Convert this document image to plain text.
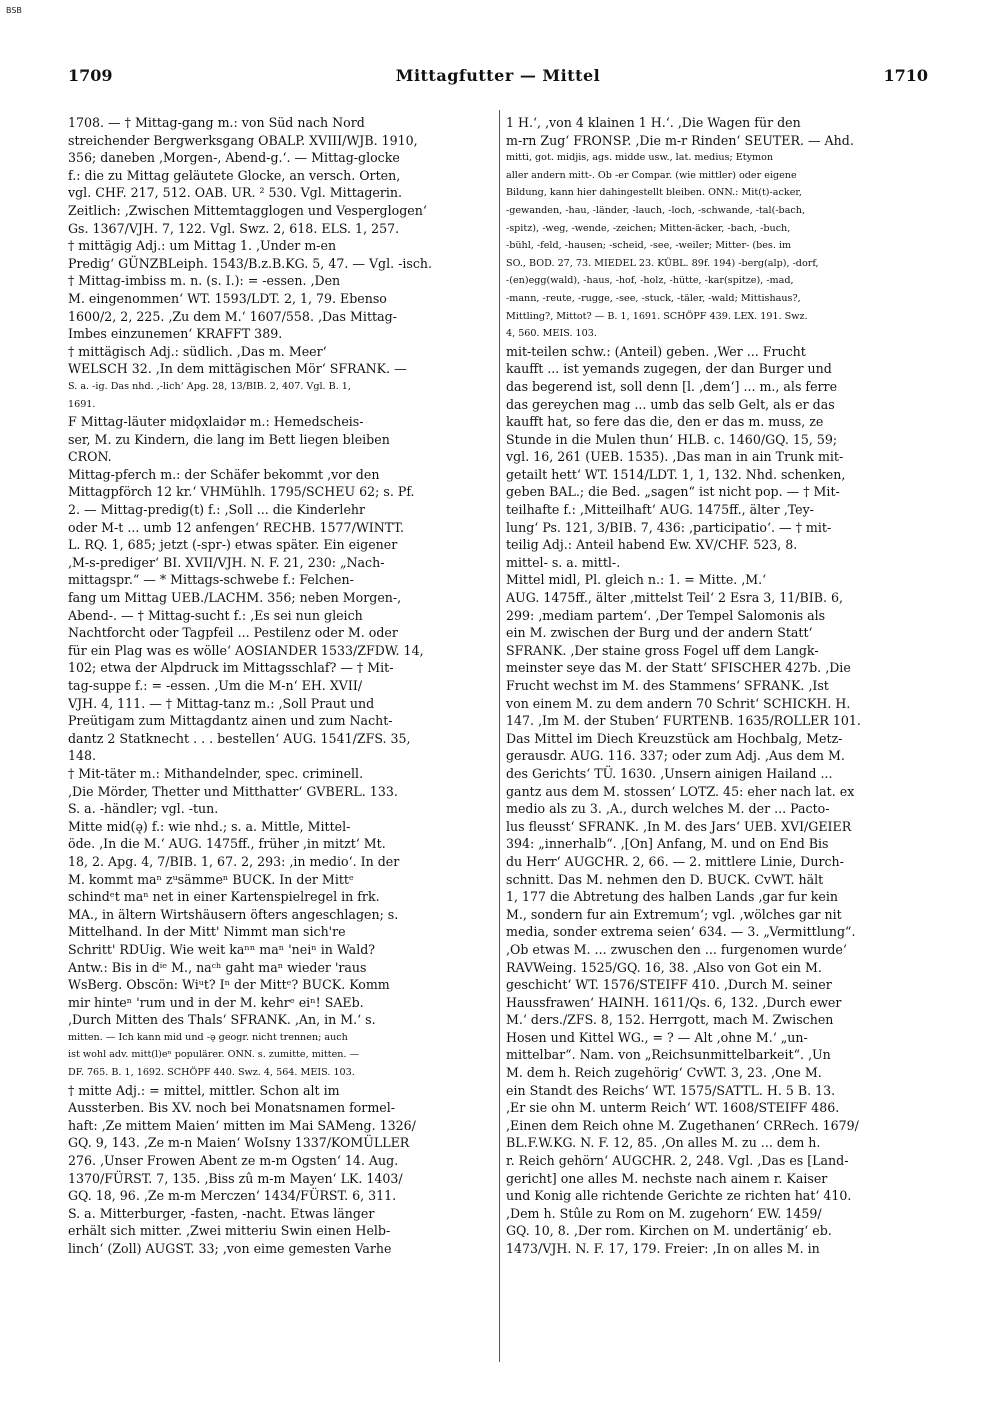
BSB
1709	Mittagfutter — Mittel	1710
1708. — † Mittag-gang m.: von Süd nach Nord
streichender Bergwerksgang OBALP. XVIII/WJB. 1910,
356; daneben ‚Morgen-, Abend-g.‘. — Mittag-glocke
f.: die zu Mittag geläutete Glocke, an versch. Orten,
vgl. CHF. 217, 512. OAB. UR. ² 530. Vgl. Mittagerin.
Zeitlich: ‚Zwischen Mittemtagglogen und Vesperglogen‘
Gs. 1367/VJH. 7, 122. Vgl. Swz. 2, 618. ELS. 1, 257.
† mittägig Adj.: um Mittag 1. ‚Under m-en
Predig‘ GÜNZBLeiph. 1543/B.z.B.KG. 5, 47. — Vgl. -isch.
† Mittag-imbiss m. n. (s. I.): = -essen. ‚Den
M. eingenommen‘ WT. 1593/LDT. 2, 1, 79. Ebenso
1600/2, 2, 225. ‚Zu dem M.‘ 1607/558. ‚Das Mittag-
Imbes einzunemen‘ KRAFFT 389.
† mittägisch Adj.: südlich. ‚Das m. Meer‘
WELSCH 32. ‚In dem mittägischen Mör‘ SFRANK. —
S. a. -ig. Das nhd. ‚-lich‘ Apg. 28, 13/BIB. 2, 407. Vgl. B. 1,
1691.
F Mittag-läuter midǫxlaidər m.: Hemedscheis-
ser, M. zu Kindern, die lang im Bett liegen bleiben
CRON.
Mittag-pferch m.: der Schäfer bekommt ‚vor den
Mittagpförch 12 kr.‘ VHMühlh. 1795/SCHEU 62; s. Pf.
2. — Mittag-predig(t) f.: ‚Soll ... die Kinderlehr
oder M-t ... umb 12 anfengen‘ RECHB. 1577/WINTT.
L. RQ. 1, 685; jetzt (-spr-) etwas später. Ein eigener
‚M-s-prediger‘ BI. XVII/VJH. N. F. 21, 230: „Nach-
mittagspr.“ — * Mittags-schwebe f.: Felchen-
fang um Mittag UEB./LACHM. 356; neben Morgen-,
Abend-. — † Mittag-sucht f.: ‚Es sei nun gleich
Nachtforcht oder Tagpfeil ... Pestilenz oder M. oder
für ein Plag was es wölle‘ AOSIANDER 1533/ZFDW. 14,
102; etwa der Alpdruck im Mittagsschlaf? — † Mit-
tag-suppe f.: = -essen. ‚Um die M-n‘ EH. XVII/
VJH. 4, 111. — † Mittag-tanz m.: ‚Soll Praut und
Preütigam zum Mittagdantz ainen und zum Nacht-
dantz 2 Statknecht . . . bestellen‘ AUG. 1541/ZFS. 35,
148.
† Mit-täter m.: Mithandelnder, spec. criminell.
‚Die Mörder, Thetter und Mitthatter‘ GVBERL. 133.
S. a. -händler; vgl. -tun.
Mitte mid(ə̨) f.: wie nhd.; s. a. Mittle, Mittel-
öde. ‚In die M.‘ AUG. 1475ff., früher ‚in mitzt‘ Mt.
18, 2. Apg. 4, 7/BIB. 1, 67. 2, 293: ‚in medio‘. In der
M. kommt maⁿ zᵘsämmeⁿ BUCK. In der Mittᵉ
schindᵉt maⁿ net in einer Kartenspielregel in frk.
MA., in ältern Wirtshäusern öfters angeschlagen; s.
Mittelhand. In der Mitt' Nimmt man sich're
Schritt' RDUig. Wie weit kaⁿⁿ maⁿ 'neiⁿ in Wald?
Antw.: Bis in dⁱᵉ M., naᶜʰ gaht maⁿ wieder 'raus
WsBerg. Obscön: Wiᵘt? Iⁿ der Mittᵉ? BUCK. Komm
mir hinteⁿ 'rum und in der M. kehrᵉ eiⁿ! SAEb.
‚Durch Mitten des Thals‘ SFRANK. ‚An, in M.‘ s.
mitten. — Ich kann mid und -ə̨ geogr. nicht trennen; auch
ist wohl adv. mitt(l)eⁿ populärer. ONN. s. zumitte, mitten. —
DF. 765. B. 1, 1692. SCHÖPF 440. Swz. 4, 564. MEIS. 103.
† mitte Adj.: = mittel, mittler. Schon alt im
Aussterben. Bis XV. noch bei Monatsnamen formel-
haft: ‚Ze mittem Maien‘ mitten im Mai SAMeng. 1326/
GQ. 9, 143. ‚Ze m-n Maien‘ WoIsny 1337/KOMÜLLER
276. ‚Unser Frowen Abent ze m-m Ogsten‘ 14. Aug.
1370/FÜRST. 7, 135. ‚Biss zû m-m Mayen‘ LK. 1403/
GQ. 18, 96. ‚Ze m-m Merczen‘ 1434/FÜRST. 6, 311.
S. a. Mitterburger, -fasten, -nacht. Etwas länger
erhält sich mitter. ‚Zwei mitteriu Swin einen Helb-
linch‘ (Zoll) AUGST. 33; ‚von eime gemesten Varhe
1 H.‘, ‚von 4 klainen 1 H.‘. ‚Die Wagen für den
m-rn Zug‘ FRONSP. ‚Die m-r Rinden‘ SEUTER. — Ahd.
mitti, got. midjis, ags. midde usw., lat. medius; Etymon
aller andern mitt-. Ob -er Compar. (wie mittler) oder eigene
Bildung, kann hier dahingestellt bleiben. ONN.: Mit(t)-acker,
-gewanden, -hau, -länder, -lauch, -loch, -schwande, -tal(-bach,
-spitz), -weg, -wende, -zeichen; Mitten-äcker, -bach, -buch,
-bühl, -feld, -hausen; -scheid, -see, -weiler; Mitter- (bes. im
SO., BOD. 27, 73. MIEDEL 23. KÜBL. 89f. 194) -berg(alp), -dorf,
-(en)egg(wald), -haus, -hof, -holz, -hütte, -kar(spitze), -mad,
-mann, -reute, -rugge, -see, -stuck, -täler, -wald; Mittishaus?,
Mittling?, Mittot? — B. 1, 1691. SCHÖPF 439. LEX. 191. Swz.
4, 560. MEIS. 103.
mit-teilen schw.: (Anteil) geben. ‚Wer ... Frucht
kaufft ... ist yemands zugegen, der dan Burger und
das begerend ist, soll denn [l. ‚dem‘] ... m., als ferre
das gereychen mag ... umb das selb Gelt, als er das
kaufft hat, so fere das die, den er das m. muss, ze
Stunde in die Mulen thun‘ HLB. c. 1460/GQ. 15, 59;
vgl. 16, 261 (UEB. 1535). ‚Das man in ain Trunk mit-
getailt hett‘ WT. 1514/LDT. 1, 1, 132. Nhd. schenken,
geben BAL.; die Bed. „sagen“ ist nicht pop. — † Mit-
teilhafte f.: ‚Mitteilhaft‘ AUG. 1475ff., älter ‚Tey-
lung‘ Ps. 121, 3/BIB. 7, 436: ‚participatio‘. — † mit-
teilig Adj.: Anteil habend Ew. XV/CHF. 523, 8.
mittel- s. a. mittl-.
Mittel midl, Pl. gleich n.: 1. = Mitte. ‚M.‘
AUG. 1475ff., älter ‚mittelst Teil‘ 2 Esra 3, 11/BIB. 6,
299: ‚mediam partem‘. ‚Der Tempel Salomonis als
ein M. zwischen der Burg und der andern Statt‘
SFRANK. ‚Der staine gross Fogel uff dem Langk-
meinster seye das M. der Statt‘ SFISCHER 427b. ‚Die
Frucht wechst im M. des Stammens‘ SFRANK. ‚Ist
von einem M. zu dem andern 70 Schrit‘ SCHICKH. H.
147. ‚Im M. der Stuben‘ FURTENB. 1635/ROLLER 101.
Das Mittel im Diech Kreuzstück am Hochbalg, Metz-
gerausdr. AUG. 116. 337; oder zum Adj. ‚Aus dem M.
des Gerichts‘ TÜ. 1630. ‚Unsern ainigen Hailand ...
gantz aus dem M. stossen‘ LOTZ. 45: eher nach lat. ex
medio als zu 3. ‚A., durch welches M. der ... Pacto-
lus fleusst‘ SFRANK. ‚In M. des Jars‘ UEB. XVI/GEIER
394: „innerhalb“. ‚[On] Anfang, M. und on End Bis
du Herr‘ AUGCHR. 2, 66. — 2. mittlere Linie, Durch-
schnitt. Das M. nehmen den D. BUCK. CvWT. hält
1, 177 die Abtretung des halben Lands ‚gar fur kein
M., sondern fur ain Extremum‘; vgl. ‚wölches gar nit
media, sonder extrema seien‘ 634. — 3. „Vermittlung“.
‚Ob etwas M. ... zwuschen den ... furgenomen wurde‘
RAVWeing. 1525/GQ. 16, 38. ‚Also von Got ein M.
geschicht‘ WT. 1576/STEIFF 410. ‚Durch M. seiner
Haussfrawen‘ HAINH. 1611/Qs. 6, 132. ‚Durch ewer
M.‘ ders./ZFS. 8, 152. Herrgott, mach M. Zwischen
Hosen und Kittel WG., = ? — Alt ‚ohne M.‘ „un-
mittelbar“. Nam. von „Reichsunmittelbarkeit“. ‚Un
M. dem h. Reich zugehörig‘ CvWT. 3, 23. ‚One M.
ein Standt des Reichs‘ WT. 1575/SATTL. H. 5 B. 13.
‚Er sie ohn M. unterm Reich‘ WT. 1608/STEIFF 486.
‚Einen dem Reich ohne M. Zugethanen‘ CRRech. 1679/
BL.F.W.KG. N. F. 12, 85. ‚On alles M. zu ... dem h.
r. Reich gehörn‘ AUGCHR. 2, 248. Vgl. ‚Das es [Land-
gericht] one alles M. nechste nach ainem r. Kaiser
und Konig alle richtende Gerichte ze richten hat‘ 410.
‚Dem h. Stûle zu Rom on M. zugehorn‘ EW. 1459/
GQ. 10, 8. ‚Der rom. Kirchen on M. undertänig‘ eb.
1473/VJH. N. F. 17, 179. Freier: ‚In on alles M. in
